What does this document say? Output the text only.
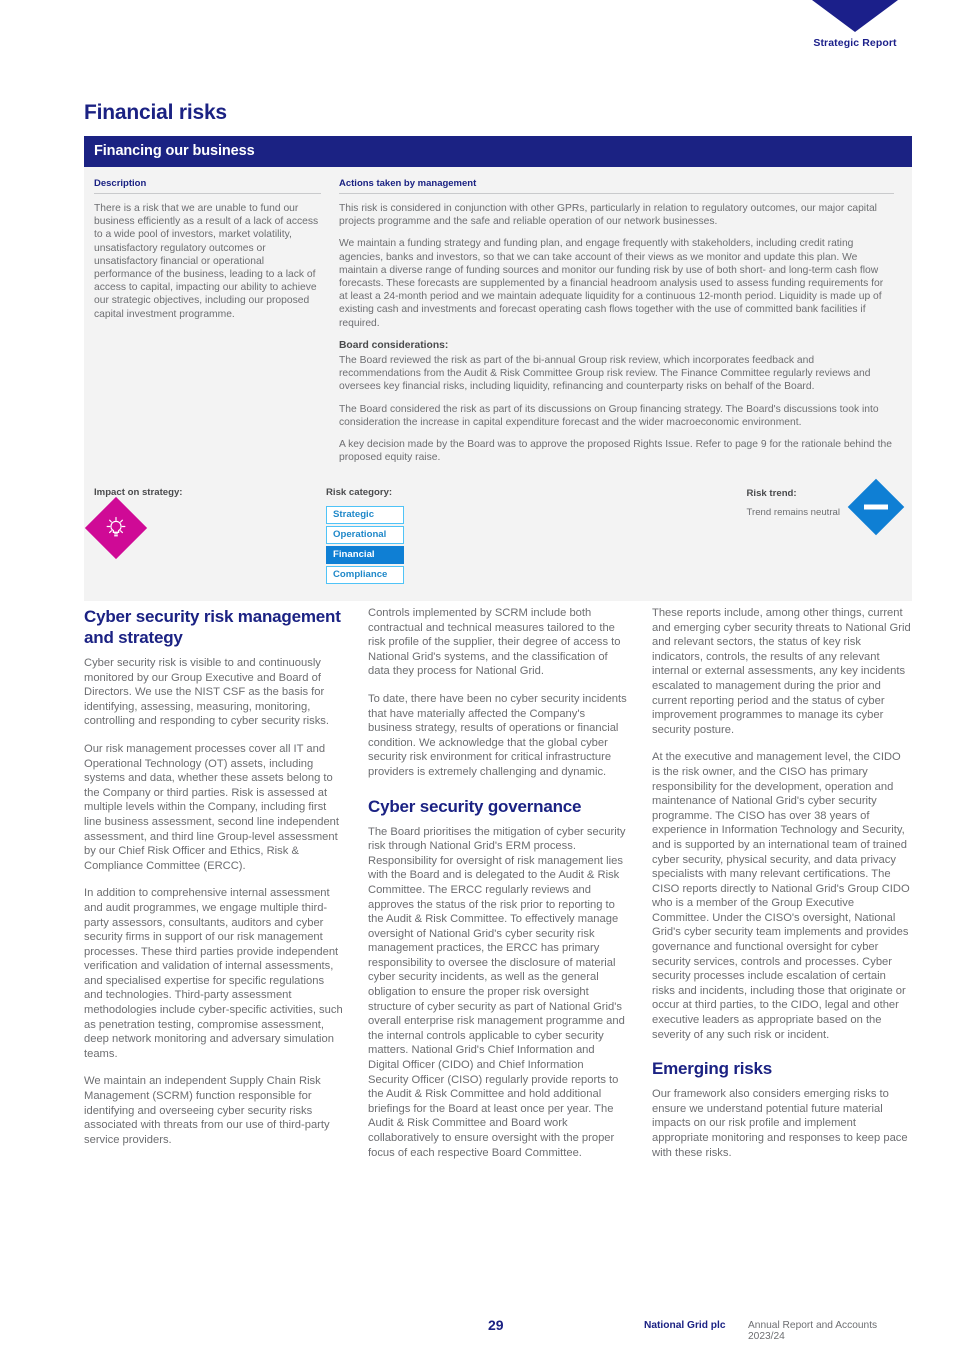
Strategic Report
Financial risks
Financing our business
Description

There is a risk that we are unable to fund our business efficiently as a result of a lack of access to a wide pool of investors, market volatility, unsatisfactory regulatory outcomes or unsatisfactory financial or operational performance of the business, leading to a lack of access to capital, impacting our ability to achieve our strategic objectives, including our proposed capital investment programme.

Actions taken by management

This risk is considered in conjunction with other GPRs, particularly in relation to regulatory outcomes, our major capital projects programme and the safe and reliable operation of our network businesses.

We maintain a funding strategy and funding plan, and engage frequently with stakeholders, including credit rating agencies, banks and investors, so that we can take account of their views as we monitor and update this plan. We maintain a diverse range of funding sources and monitor our funding risk by use of both short- and long-term cash flow forecasts. These forecasts are supplemented by a financial headroom analysis used to assess funding requirements for at least a 24-month period and we maintain adequate liquidity for a continuous 12-month period. Liquidity is made up of existing cash and investments and forecast operating cash flows together with the use of committed bank facilities if required.

Board considerations:

The Board reviewed the risk as part of the bi-annual Group risk review, which incorporates feedback and recommendations from the Audit & Risk Committee Group risk review. The Finance Committee regularly reviews and oversees key financial risks, including liquidity, refinancing and counterparty risks on behalf of the Board.

The Board considered the risk as part of its discussions on Group financing strategy. The Board's discussions took into consideration the increase in capital expenditure forecast and the wider macroeconomic environment.

A key decision made by the Board was to approve the proposed Rights Issue. Refer to page 9 for the rationale behind the proposed equity raise.

Impact on strategy:	Risk category:
Strategic
Operational
Financial
Compliance
Risk trend:
Trend remains neutral
Cyber security risk management and strategy

Cyber security risk is visible to and continuously monitored by our Group Executive and Board of Directors. We use the NIST CSF as the basis for identifying, assessing, measuring, monitoring, controlling and responding to cyber security risks.

Our risk management processes cover all IT and Operational Technology (OT) assets, including systems and data, whether these assets belong to the Company or third parties. Risk is assessed at multiple levels within the Company, including first line business assessment, second line independent assessment, and third line Group-level assessment by our Chief Risk Officer and Ethics, Risk & Compliance Committee (ERCC).

In addition to comprehensive internal assessment and audit programmes, we engage multiple third-party assessors, consultants, auditors and cyber security firms in support of our risk management processes. These third parties provide independent verification and validation of internal assessments, and specialised expertise for specific regulations and technologies. Third-party assessment methodologies include cyber-specific activities, such as penetration testing, compromise assessment, deep network monitoring and adversary simulation teams.

We maintain an independent Supply Chain Risk Management (SCRM) function responsible for identifying and overseeing cyber security risks associated with threats from our use of third-party service providers.

Controls implemented by SCRM include both contractual and technical measures tailored to the risk profile of the supplier, their degree of access to National Grid's systems, and the classification of data they process for National Grid.

To date, there have been no cyber security incidents that have materially affected the Company's business strategy, results of operations or financial condition. We acknowledge that the global cyber security risk environment for critical infrastructure providers is extremely challenging and dynamic.

Cyber security governance

The Board prioritises the mitigation of cyber security risk through National Grid's ERM process. Responsibility for oversight of risk management lies with the Board and is delegated to the Audit & Risk Committee. The ERCC regularly reviews and approves the status of the risk prior to reporting to the Audit & Risk Committee. To effectively manage oversight of National Grid's cyber security risk management practices, the ERCC has primary responsibility to oversee the disclosure of material cyber security incidents, as well as the general obligation to ensure the proper risk oversight structure of cyber security as part of National Grid's overall enterprise risk management programme and the internal controls applicable to cyber security matters. National Grid's Chief Information and Digital Officer (CIDO) and Chief Information Security Officer (CISO) regularly provide reports to the Audit & Risk Committee and hold additional briefings for the Board at least once per year. The Audit & Risk Committee and Board work collaboratively to ensure oversight with the proper focus of each respective Board Committee.

These reports include, among other things, current and emerging cyber security threats to National Grid and relevant sectors, the status of key risk indicators, controls, the results of any relevant internal or external assessments, any key incidents escalated to management during the prior and current reporting period and the status of cyber improvement programmes to manage its cyber security posture.

At the executive and management level, the CIDO is the risk owner, and the CISO has primary responsibility for the development, operation and maintenance of National Grid's cyber security programme. The CISO has over 38 years of experience in Information Technology and Security, and is supported by an international team of trained cyber security, physical security, and data privacy specialists with many relevant certifications. The CISO reports directly to National Grid's Group CIDO who is a member of the Group Executive Committee. Under the CISO's oversight, National Grid's cyber security team implements and provides governance and functional oversight for cyber security services, controls and processes. Cyber security processes include escalation of certain risks and incidents, including those that originate or occur at third parties, to the CIDO, legal and other executive leaders as appropriate based on the severity of any such risk or incident.

Emerging risks

Our framework also considers emerging risks to ensure we understand potential future material impacts on our risk profile and implement appropriate monitoring and responses to keep pace with these risks.

29	National Grid plc Annual Report and Accounts 2023/24
